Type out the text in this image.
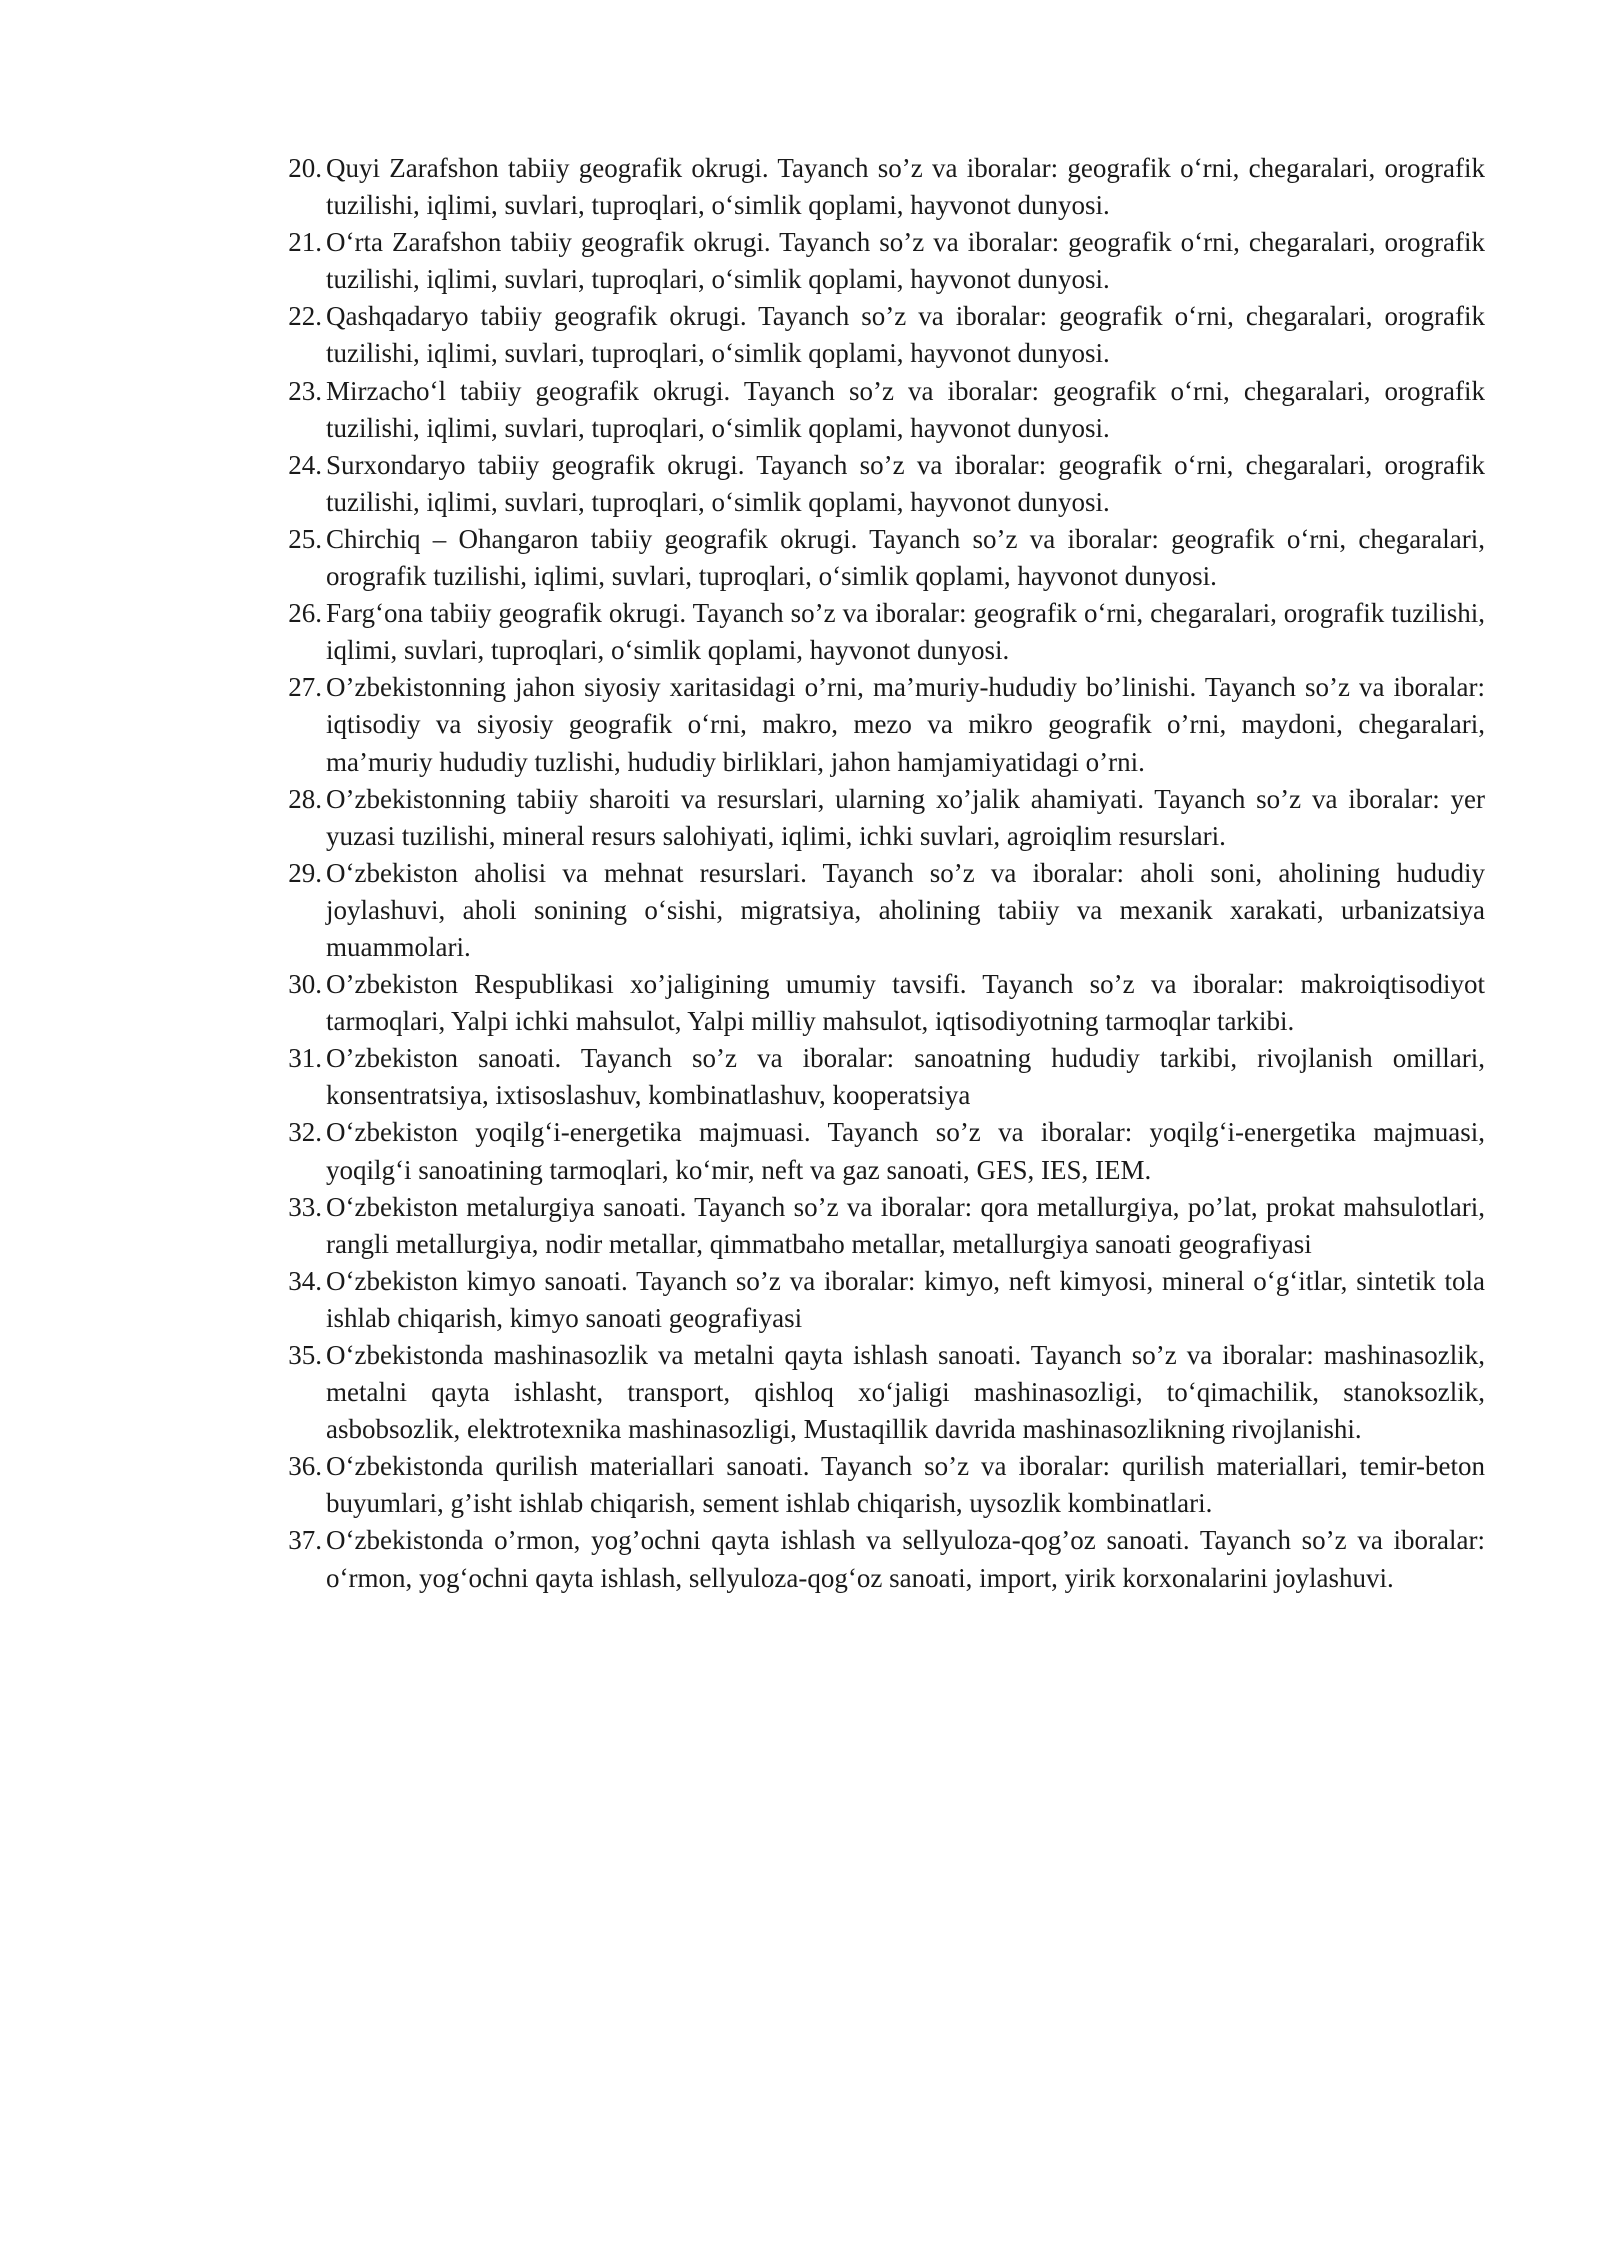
20. Quyi Zarafshon tabiiy geografik okrugi. Tayanch so’z va iboralar: geografik o‘rni, chegaralari, orografik tuzilishi, iqlimi, suvlari, tuproqlari, o‘simlik qoplami, hayvonot dunyosi.
21. O‘rta Zarafshon tabiiy geografik okrugi. Tayanch so’z va iboralar: geografik o‘rni, chegaralari, orografik tuzilishi, iqlimi, suvlari, tuproqlari, o‘simlik qoplami, hayvonot dunyosi.
22. Qashqadaryo tabiiy geografik okrugi. Tayanch so’z va iboralar: geografik o‘rni, chegaralari, orografik tuzilishi, iqlimi, suvlari, tuproqlari, o‘simlik qoplami, hayvonot dunyosi.
23. Mirzacho‘l tabiiy geografik okrugi. Tayanch so’z va iboralar: geografik o‘rni, chegaralari, orografik tuzilishi, iqlimi, suvlari, tuproqlari, o‘simlik qoplami, hayvonot dunyosi.
24. Surxondaryo tabiiy geografik okrugi. Tayanch so’z va iboralar: geografik o‘rni, chegaralari, orografik tuzilishi, iqlimi, suvlari, tuproqlari, o‘simlik qoplami, hayvonot dunyosi.
25. Chirchiq – Ohangaron tabiiy geografik okrugi. Tayanch so’z va iboralar: geografik o‘rni, chegaralari, orografik tuzilishi, iqlimi, suvlari, tuproqlari, o‘simlik qoplami, hayvonot dunyosi.
26. Farg‘ona tabiiy geografik okrugi. Tayanch so’z va iboralar: geografik o‘rni, chegaralari, orografik tuzilishi, iqlimi, suvlari, tuproqlari, o‘simlik qoplami, hayvonot dunyosi.
27. O’zbekistonning jahon siyosiy xaritasidagi o’rni, ma’muriy-hududiy bo’linishi. Tayanch so’z va iboralar: iqtisodiy va siyosiy geografik o‘rni, makro, mezo va mikro geografik o’rni, maydoni, chegaralari, ma’muriy hududiy tuzlishi, hududiy birliklari, jahon hamjamiyatidagi o’rni.
28. O’zbekistonning tabiiy sharoiti va resurslari, ularning xo’jalik ahamiyati. Tayanch so’z va iboralar: yer yuzasi tuzilishi, mineral resurs salohiyati, iqlimi, ichki suvlari, agroiqlim resurslari.
29. O‘zbekiston aholisi va mehnat resurslari. Tayanch so’z va iboralar: aholi soni, aholining hududiy joylashuvi, aholi sonining o‘sishi, migratsiya, aholining tabiiy va mexanik xarakati, urbanizatsiya muammolari.
30. O’zbekiston Respublikasi xo’jaligining umumiy tavsifi. Tayanch so’z va iboralar: makroiqtisodiyot tarmoqlari, Yalpi ichki mahsulot, Yalpi milliy mahsulot, iqtisodiyotning tarmoqlar tarkibi.
31. O’zbekiston sanoati. Tayanch so’z va iboralar: sanoatning hududiy tarkibi, rivojlanish omillari, konsentratsiya, ixtisoslashuv, kombinatlashuv, kooperatsiya
32. O‘zbekiston yoqilg‘i-energetika majmuasi. Tayanch so’z va iboralar: yoqilg‘i-energetika majmuasi, yoqilg‘i sanoatining tarmoqlari, ko‘mir, neft va gaz sanoati, GES, IES, IEM.
33. O‘zbekiston metalurgiya sanoati. Tayanch so’z va iboralar: qora metallurgiya, po’lat, prokat mahsulotlari, rangli metallurgiya, nodir metallar, qimmatbaho metallar, metallurgiya sanoati geografiyasi
34. O‘zbekiston kimyo sanoati. Tayanch so’z va iboralar: kimyo, neft kimyosi, mineral o‘g‘itlar, sintetik tola ishlab chiqarish, kimyo sanoati geografiyasi
35. O‘zbekistonda mashinasozlik va metalni qayta ishlash sanoati. Tayanch so’z va iboralar: mashinasozlik, metalni qayta ishlasht, transport, qishloq xo‘jaligi mashinasozligi, to‘qimachilik, stanoksozlik, asbobsozlik, elektrotexnika mashinasozligi, Mustaqillik davrida mashinasozlikning rivojlanishi.
36. O‘zbekistonda qurilish materiallari sanoati. Tayanch so’z va iboralar: qurilish materiallari, temir-beton buyumlari, g’isht ishlab chiqarish, sement ishlab chiqarish, uysozlik kombinatlari.
37. O‘zbekistonda o’rmon, yog’ochni qayta ishlash va sellyuloza-qog’oz sanoati. Tayanch so’z va iboralar: o‘rmon, yog‘ochni qayta ishlash, sellyuloza-qog‘oz sanoati, import, yirik korxonalarini joylashuvi.
